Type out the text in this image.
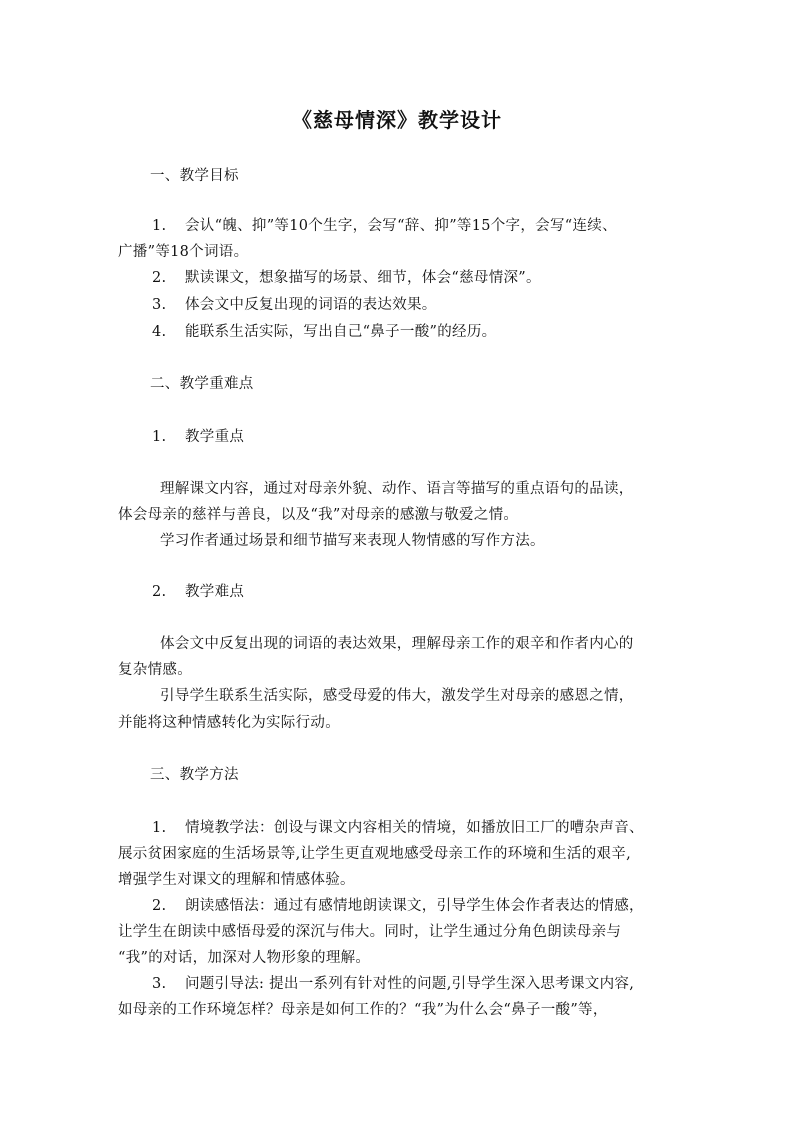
《慈母情深》教学设计
一、教学目标
1. 会认“魄、抑”等10个生字，会写“辞、抑”等15个字，会写“连续、
广播”等18个词语。
2. 默读课文，想象描写的场景、细节，体会“慈母情深”。
3. 体会文中反复出现的词语的表达效果。
4. 能联系生活实际，写出自己“鼻子一酸”的经历。
二、教学重难点
1. 教学重点
理解课文内容，通过对母亲外貌、动作、语言等描写的重点语句的品读，
体会母亲的慈祥与善良，以及“我”对母亲的感激与敬爱之情。
学习作者通过场景和细节描写来表现人物情感的写作方法。
2. 教学难点
体会文中反复出现的词语的表达效果，理解母亲工作的艰辛和作者内心的
复杂情感。
引导学生联系生活实际，感受母爱的伟大，激发学生对母亲的感恩之情，
并能将这种情感转化为实际行动。
三、教学方法
1. 情境教学法：创设与课文内容相关的情境，如播放旧工厂的嘈杂声音、
展示贫困家庭的生活场景等,让学生更直观地感受母亲工作的环境和生活的艰辛,
增强学生对课文的理解和情感体验。
2. 朗读感悟法：通过有感情地朗读课文，引导学生体会作者表达的情感，
让学生在朗读中感悟母爱的深沉与伟大。同时，让学生通过分角色朗读母亲与
“我”的对话，加深对人物形象的理解。
3. 问题引导法: 提出一系列有针对性的问题,引导学生深入思考课文内容,
如母亲的工作环境怎样？母亲是如何工作的？“我”为什么会“鼻子一酸”等，
